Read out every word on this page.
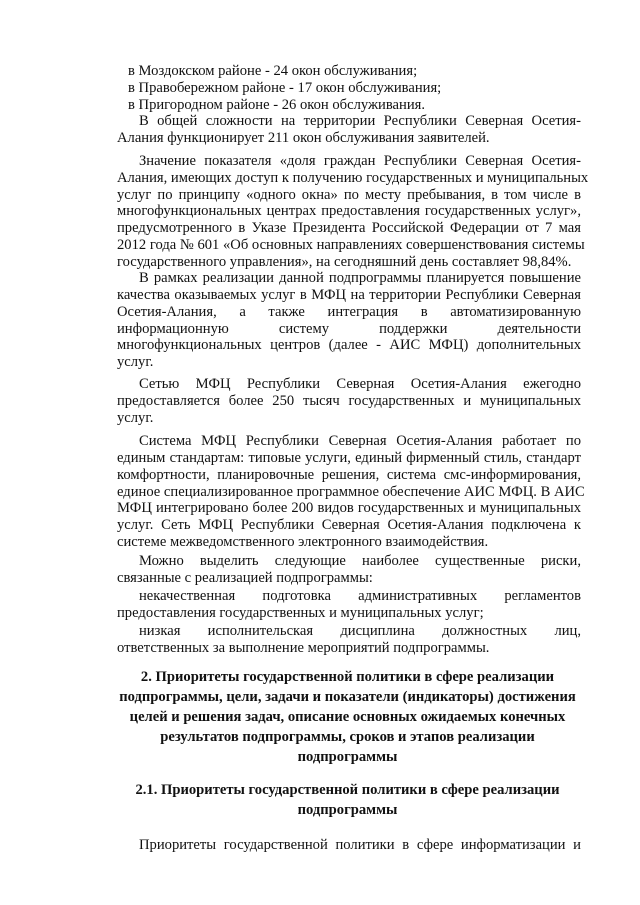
в Моздокском районе - 24 окон обслуживания;
в Правобережном районе - 17 окон обслуживания;
в Пригородном районе - 26 окон обслуживания.
В общей сложности на территории Республики Северная Осетия-
Алания функционирует 211 окон обслуживания заявителей.
Значение показателя «доля граждан Республики Северная Осетия-
Алания, имеющих доступ к получению государственных и муниципальных
услуг по принципу «одного окна» по месту пребывания, в том числе в
многофункциональных центрах предоставления государственных услуг»,
предусмотренного в Указе Президента Российской Федерации от 7 мая
2012 года № 601 «Об основных направлениях совершенствования системы
государственного управления», на сегодняшний день составляет 98,84%.
В рамках реализации данной подпрограммы планируется повышение
качества оказываемых услуг в МФЦ на территории Республики Северная
Осетия-Алания, а также интеграция в автоматизированную
информационную систему поддержки деятельности
многофункциональных центров (далее - АИС МФЦ) дополнительных
услуг.
Сетью МФЦ Республики Северная Осетия-Алания ежегодно
предоставляется более 250 тысяч государственных и муниципальных
услуг.
Система МФЦ Республики Северная Осетия-Алания работает по
единым стандартам: типовые услуги, единый фирменный стиль, стандарт
комфортности, планировочные решения, система смс-информирования,
единое специализированное программное обеспечение АИС МФЦ. В АИС
МФЦ интегрировано более 200 видов государственных и муниципальных
услуг. Сеть МФЦ Республики Северная Осетия-Алания подключена к
системе межведомственного электронного взаимодействия.
Можно выделить следующие наиболее существенные риски,
связанные с реализацией подпрограммы:
некачественная подготовка административных регламентов
предоставления государственных и муниципальных услуг;
низкая исполнительская дисциплина должностных лиц,
ответственных за выполнение мероприятий подпрограммы.
2. Приоритеты государственной политики в сфере реализации
подпрограммы, цели, задачи и показатели (индикаторы) достижения
целей и решения задач, описание основных ожидаемых конечных
результатов подпрограммы, сроков и этапов реализации
подпрограммы
2.1. Приоритеты государственной политики в сфере реализации
подпрограммы
Приоритеты государственной политики в сфере информатизации и
